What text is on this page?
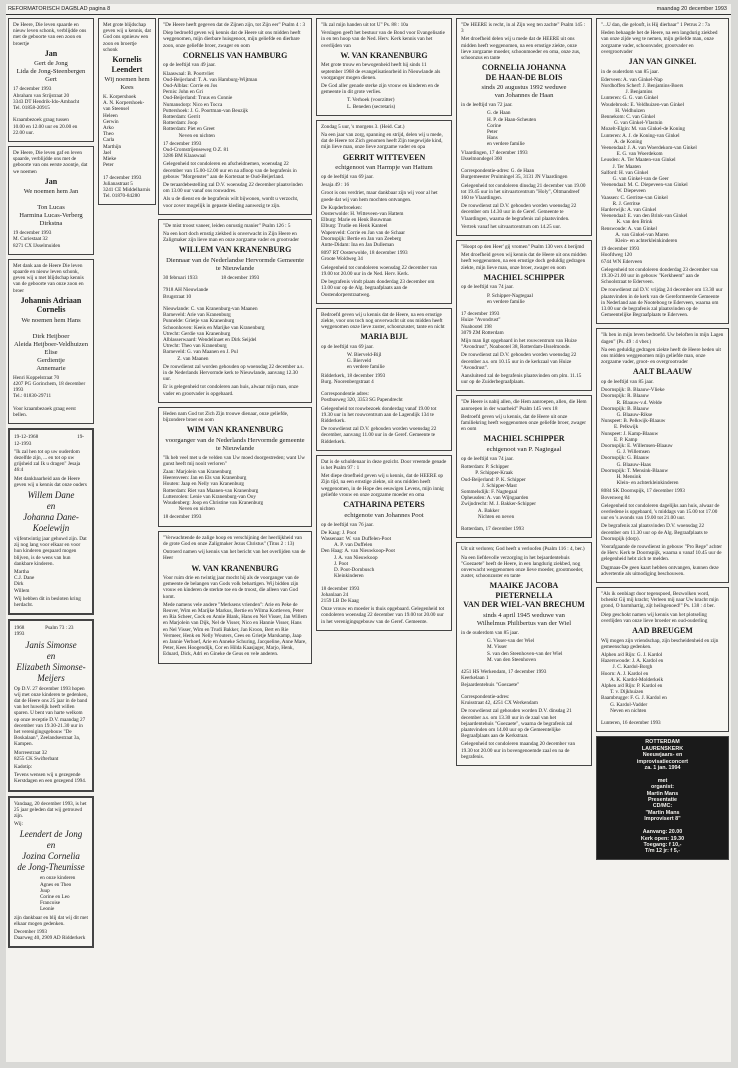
REFORMATORISCH DAGBLAD pagina 8	maandag 20 december 1993
De Heere, Die leven spaarde en nieuw leven schonk, verblijdde ons met de geboorte van een zoon en broertje
Jan
Gert de Jong
Lida de Jong-Steenbergen
Gert
17 december 1993
Abraham van Strijstraat 20
3343 DT Hendrik-Ido-Ambacht
Tel. 01858-20915

Kraambezoek graag tussen
10.00 en 12.00 uur en 20.00 en
22.00 uur.
De Heere, Die leven gaf en leven spaarde, verblijdde ons met de geboorte van ons eerste zoontje, dat we noemen
Jan
We noemen hem Jan

Ton Lucas
Harmina Lucas-Verberg
Dirkstna
19 december 1993
M. Curiestaat 32
8271 CX IJsselmuiden
Met dank aan de Heere Die leven spaarde en nieuw leven schonk, geven wij u met blijdschap kennis van de geboorte van onze zoon en broer
Johannis Adriaan Cornelis
We noemen hem Hans

Dirk Heijboer
Aleida Heijboer-Veldhuizen
Elise
Gerdientje
Annemarie
Henri Koppelstraat 70
4207 PG Gorinchem, 18 december 1993
Tel.: 01830-29711

Voor kraambezoek graag eerst bellen.
19-12-1968                              19-12-1993
"Ik zal hen tot op uw ouderdom dezelfde zijn, ... en tot op uw grijsheid zal Ik u dragen" Jesaja 46:4
Met dankbaarheid aan de Heere geven wij u kennis dat onze ouders
Willem Dane
en
Johanna Dane-Koelewijn
vijfentwintig jaar gehuwd zijn. Dat zij nog lang voor elkaar en voor hun kinderen gespaard mogen blijven, is de wens van hun dankbare kinderen.
Martha
C.J. Dane
Dirk
Willem
Wij hebben dit in besloten kring herdacht.
1968                Psalm 73 : 23              1993
Janis Simonse
en
Elizabeth Simonse-Meijers
Op D.V. 27 december 1993 hopen wij met onze kinderen te gedenken, dat de Heere ons 25 jaar in de band van het huwelijk heeft willen sparen. U bent van harte welkom op onze receptie D.V. maandag 27 december van 19.30-21.30 uur in het verenigingsgebouw "De Boskalaan", Zeelandsestraat 3a, Kampen.
Morreestraat 32
8255 CK Swifterbant
Kadotip:
Tevens wensen wij u gezegende Kerstdagen en een gezegend 1994.
Vandaag, 20 december 1993, is het 25 jaar geleden dat wij getrouwd zijn.
Wij:
Leendert de Jong
en
Jozina Cornelia
de Jong-Theunisse
en onze kinderen
Agnes en Theo
Juup
Corine en Leo
Francoise
Leonie
zijn dankbaar en blij dat wij dit met elkaar mogen gedenken.
December 1993
Daarweg 40, 2909 AD Ridderkerk
Met grote blijdschap geven wij u kennis, dat God ons opnieuw een zoon en broertje schonk
Kornelis Leendert
Wij noemen hem Kees
K. Korpershoek
A. N. Korpershoek-van Steensel
Heleen
Gerwin
Arko
Theo
Carla
Marthijn
Jael
Mieke
Peter

17 december 1993
Julianastraat 5
3241 CE Middelharnis
Tel. 01870-84280
"De Heere heeft gegeven dat de Zijnen zijn, tot Zijn eer" Psalm 4 : 3
Diep bedroefd geven wij kennis dat de Heere uit ons midden heeft weggenomen, mijn dierbare huisgenoot, mijn geliefde en dierbare zoon, onze geliefde broer, zwager en oom
CORNELIS VAN HAMBURG
op de leeftijd van 49 jaar.
Klaaswaal: B. Poortvliet
Oud-Beijerland: T. A. van Hamburg-Wijtman
Oud-Alblas: Corrie en Jos
Pernis: John en Gri
Oud-Beijerland: Truus en Connie
Numansdorp: Nico en Tocca
Puttershoek: J. G. Poortman-van Beuzijk
Rotterdam: Gerrit
Rotterdam: Joop
Rotterdam: Piet en Greet
Neven en nichten
17 december 1993
Oud-Cromstrijenseweg O.Z. 81
3286 BM Klaaswaal
Gelegenheid tot condoleren en afscheidnemen, woensdag 22 december van 15.00-12.00 uur en na afloop van de begrafenis in gebouw "Morgenster" aan de Korteraat te Oud-Beijerland.
De teraardebestelling zal D.V. woensdag 22 december plaatsvinden om 13.00 uur vanaf ons rouwadres.
Als u de dienst en de begrafenis wilt bijwonen, wordt u verzocht, voor zover mogelijk in gepaste kleding aanwezig te zijn.
"De mist troost vaneer, leiden onrustig manier" Psalm 126 : 5
Na een kort doch ernstig ziekbed is onverwacht in Zijn Heere en Zaligmaker zijn lieve man en onze zorgzame vader en grootvader
WILLEM VAN KRANENBURG
Diennaar van de Nederlandse Hervormde Gemeente te Nieuwlande
30 februari 1933                  18 december 1993

7918 AH Nieuwlande
Brugstraat 10

Nieuwlande: C. van Kranenburg-van Maanen
Barneveld: Arie van Kranenburg
Punnelde: Grietje van Kranenburg
Schoonhoven: Keeis en Marijke van Kranenburg
Utrecht: Gerdie van Kranenburg
Alblasserwaard: Wendelinaet en Dirk Seijdel
Utrecht: Theo van Kranenburg
Barneveld: G. van Maanen en J. Pul
Z. van Maanen
De rouwdienst zal worden gehouden op woensdag 22 december a.s. in de Nederlands Hervormde kerk te Nieuwlande, aanvang 12.30 uur.
Er is gelegenheid tot condoleren aan huis, alwaar mijn man, onze vader en grootvader is opgebaard.
Heden nam God tot Zich Zijn trouwe dienaar, onze geliefde, bijzondere broer en oom
WIM VAN KRANENBURG
voorganger van de Nederlands Hervormde gemeente te Nieuwlande
"Ik heb veel met u de velden van Uw moed doorgestreden; want Uw gunst heeft mij nooit verloren"
Zaan: Marjolein van Kranenburg
Heerenveen: Jan en Els van Kranenburg
Houten: Jaap en Nelly van Kranenburg
Rotterdam: Riet van Maanen-van Kranenburg
Luttenrolen: Lenie van Kranenburg-van Ooy
Woudenberg: Joop en Christine van Kranenburg
Neven en nichten
18 december 1993
"Verwachtende de zalige hoop en verschijning der heerlijkheid van de grote God en onze Zaligmaker Jezus Christus" (Titus 2 : 13)
Ontroerd namen wij kennis van het bericht van het overlijden van de Heer
W. VAN KRANENBURG
Voor ruim drie en twintig jaar mocht hij als de voorganger van de gemeente de belangen van Gods volk behartigen. Wij bidden zijn vrouw en kinderen de sterkte toe en de troost, die alleen van God komt.
Mede namens vele andere "Merksens vrienden": Arie en Peke de Reuver, Wim en Marijke Markus, Bertie en Wilma Kortleven, Peter en Ria Scheer, Cock en Annie Blank, Hans en Nel Visser, Jan Willem en Marjolein van Dijk, Nel de Visser, Nico en Hannie Visser, Hans en Nel Visser, Wim en Trudi Bakker, Jan Kroon, Bert en Rie Vermeer, Henk en Nelly Wouters, Cees en Grietje Marskamp, Jaap en Jannie Verhoef, Arie en Anneke Schuring, Jacqueline, Anne Mare, Peter, Kees Hoogendijk, Cor en Hilda Kaasjager, Marjo, Henk, Eduard, Dick, Adri en Gineke de Geus en vele anderen.
"Ik zal mijn handen uit tot U" Ps. 88 : 10a
Verslagen geeft het bestuur van de Bond voor Evangelisatie in en ten hoop van de Ned. Herv. Kerk kennis van het overlijden van
W. VAN KRANENBURG
Met grote trouw en bewogenheid heeft hij sinds 11 september 1968 de evangelisatiearbeid in Nieuwlande als voorganger mogen dienen.
De God aller genade sterke zijn vrouw en kinderen en de gemeente in dit grote verlies.
T. Verhoek (voorzitter)
L. Beneden (secretaris)
Zondag 5 uur, 's morgens 3. (Heid. Cat.)
Na een jaar van zorg, spanning en strijd, delen wij u mede, dat de Heere tot Zich genomen heeft Zijn toegewijde kind, mijn lieve man, onze lieve zorgzame vader en opa
GERRIT WITTEVEEN
echtgenoot van Harmpje van Hattum
op de leeftijd van 69 jaar.
Jesaja 49 : 16
Groot is ons verdriet, maar dankbaar zijn wij voor al het goede dat wij van hem mochten ontvangen.
De Kupderbroeken:
Oosterwolde: H. Witteveen-van Hattem
Elburg: Marie en Henk Bouwman
Elburg: Trudie en Henk Kanteel
Wapenveld: Corrie en Jan van de Schaar
Doornspijk: Bertie en Jan van Zeeberg
Antte-Didam: Ina en Jan Dulleman
8097 RT Oosterwolde, 18 december 1993
Groote Woldweg 34
Gelegenheid tot condoleren woensdag 22 december van 19.00 tot 20.00 uur in de Ned. Herv. Kerk.
De begrafenis vindt plaats donderdag 23 december om 13.00 uur op de Alg. begraafplaats aan de Oostendorperstraatweg.
Bedroefd geven wij u kennis dat de Heere, na een ernstige ziekte, voor ons toch nog onverwacht uit ons midden heeft weggenomen onze lieve zuster, schoonzuster, tante en nicht
MARIA BIJL
op de leeftijd van 69 jaar.
W. Bierveld-Bijl
G. Bierveld
en verdere familie
Ridderkerk, 18 december 1993
Burg. Noorenbergstraat 4

Correspondentie adres:
Postbusweg 320, 3353 SG Papendrecht
Gelegenheid tot rouwbezoek donderdag vanaf 19.00 tot 19.30 uur in het rouwcentrum aan de Lagendijk 134 te Ridderkerk.
De rouwdienst zal D.V. gehouden worden woensdag 22 december, aanvang 11.00 uur in de Geref. Gemeente te Ridderkerk.
Dat is de schuldenaar in deze gezicht. Door vreemde genade is het Psalm 97 : 1
Met diepe droefheid geven wij u kennis, dat de HEERE op Zijn tijd, na een ernstige ziekte, uit ons midden heeft weggenomen, in de Hope des eeuwigen Levens, mijn innig geliefde vrouw en onze zorgzame moeder en oma
CATHARINA PETERS
echtgenote van Johannes Poot
op de leeftijd van 76 jaar.
De Kaag: J. Poot
Wassenaar: W. van Duffelen-Poot
A. P. van Duffelen
Den Haag: A. van Nieuwkoop-Poot
J. A. van Nieuwkoop
J. Poot
D. Poot-Dornbusch
Kleinkinderen

18 december 1993
Johanlaan 24
2159 LB De Kaag
Onze vrouw en moeder is thuis opgebaard. Gelegenheid tot condoleren woensdag 22 december van 19.00 tot 20.00 uur in het verenigingsgebouw van de Geref. Gemeente.
"De HEERE is recht, in al Zijn weg ten zachte" Psalm 145 : 3
Met droefheid delen wij u mede dat de HEERE uit ons midden heeft weggenomen, na een ernstige ziekte, onze lieve zorgzame moeder, schoonmoeder en oma, onze zus, schoonzus en tante
CORNELIA JOHANNA
DE HAAN-DE BLOIS
sinds 20 augustus 1992 weduwe
van Johannes de Haan
in de leeftijd van 72 jaar.
G. de Haan
H. P. de Haan-Scheuten
Corine
Peter
Hans
en verdere familie
Vlaardingen, 17 december 1993
IJsselmondegel 360

Correspondentie-adres: G. de Haan
Burgemeester Pruimingel 35, 3131 JN Vlaardingen
Gelegenheid tot condoleren dinsdag 21 december van 19.00 tot 19.45 uur in het uitvaartcentrum "Holy", Oltmandreef 160 te Vlaardingen.
De rouwdienst zal D.V. gehouden worden woensdag 22 december om 14.30 uur in de Geref. Gemeente te Vlaardingen, waarna de begrafenis zal plaatsvinden.
Vertrek vanaf het uitvaartcentrum om 14.25 uur.
"Hoopt op den Heer' gij vromen" Psalm 130 vers 4 berijmd
Met droefheid geven wij kennis dat de Heere uit ons midden heeft weggenomen, na een ernstige doch geduldig gedragen ziekte, mijn lieve man, onze broer, zwager en oom
MACHIEL SCHIPPER
op de leeftijd van 74 jaar.
P. Schipper-Nagtegaal
en verdere familie

17 december 1993
Huize "Avondrust"
Noabootel 198
3079 ZM Rotterdam
Mijn man ligt opgebaard in het rouwcentrum van Huize "Avondrust", Noabootel 38, Rotterdam-IJsselmonde.
De rouwdienst zal D.V. gehouden worden woensdag 22 december a.s. om 10.15 uur in de kerkzaal van Huize "Avondrust".
Aansluitend zal de begrafenis plaatsvinden om plm. 11.15 uur op de Zuiderbegraafplaats.
"De Heere is nabij allen, die Hem aanroepen, allen, die Hem aanroepen in der waarheid" Psalm 145 vers 18
Bedroefd geven wij u kennis, dat de Heere uit onze familiekring heeft weggenomen onze geliefde broer, zwager en oom
MACHIEL SCHIPPER
echtgenoot van P. Nagtegaal
op de leeftijd van 74 jaar.
Rotterdam: P. Schipper
P. Schipper-Kraak
Oud-Beijerland: P. K. Schipper
J. Schipper-Mast
Sommelsdijk: F. Nagtegaal
Opheusden: A. van Wijngaarden
Zwijndrecht: M. J. Bakker-Schipper
A. Bakker
Nichten en neven

Rotterdam, 17 december 1993
Uit uit verloren; God heeft u verloofen (Psalm 116 : 4, ber.)
Na een liefdevolle verzorging in het bejaardentehuis "Goezaete" heeft de Heere, in een langdurig ziekbed, nog onverwacht weggenomen onze lieve moeder, grootmoeder, zuster, schoonzuster en tante
MAAIKE JACOBA PIETERNELLA
VAN DER WIEL-VAN BRECHUM
sinds 4 april 1945 weduwe van
Wilhelmus Philibertus van der Wiel
in de ouderdom van 85 jaar.
G. Visser-van der Wiel
M. Visser
S. van den Steenhoven-van der Wiel
M. van den Steenhoven

4251 HS Werkendam, 17 december 1993
Keerkelaan 1
Bejaardentehuis "Goezaete"

Correspondentie-adres:
Kruisstraat 42, 4251 CX Werkendam
De rouwdienst zal gehouden worden D.V. dinsdag 21 december a.s. om 13.30 uur in de zaal van het bejaardentehuis "Goezaete", waarna de begrafenis zal plaatsvinden om 14.00 uur op de Gemeentelijke Begraafplaats aan de Kerkstraat.
Gelegenheid tot condoleren maandag 20 december van 19.30 tot 20.00 uur in bovengenoemde zaal en na de begrafenis.
"...U dan, die gelooft, is Hij dierbaar" 1 Petrus 2 : 7a
Heden behaagde het de Heere, na een langdurig ziekbed van onze zijde weg te nemen, mijn geliefde man, onze zorgzame vader, schoonvader, grootvader en overgrootvader
JAN VAN GINKEL
in de ouderdom van 85 jaar.
Ederveen: A. van Ginkel-Nap
Nordhoffen Scherf: J. Benjamins-Boers
J. Benjamins
Lunteren: G. G. van Ginkel
Woudebrook: E. Veldhuizen-van Ginkel
H. Veldhuizen
Bennekom: C. van Ginkel
G. van Ginkel-Vlastuin
Mozelt-Elgin: M. van Ginkel-de Koning
Lunteren: A. J. de Koning-van Ginkel
A. de Koning
Veenendaal: J. A. van Woerdekom-van Ginkel
E. G. van Woerdekom
Leusden: A. Ter Maaten-van Ginkel
J. Ter Maaten
Salford: H. van Ginkel
G. van Ginkel-van de Geer
Veenendaal: M. C. Diepeveen-van Ginkel
W. Diepeveen
Vaassen: C. Gerritse-van Ginkel
R. J. Gerritse
Harderwijk: A. van Ginkel
Veenendaal: E. van den Brink-van Ginkel
K. van den Brink
Renswoude: A. van Ginkel
A. van Ginkel-van Maren
Klein- en achterkleinkinderen
19 december 1993
Hoofdweg 120
6744 WN Ederveen
Gelegenheid tot condoleren donderdag 23 december van 19.30-21.00 uur in gebouw "Kerkheem" aan de Schoolstraat te Ederveen.
De rouwdienst zal D.V. vrijdag 24 december om 13.30 uur plaatsvinden in de kerk van de Gereformeerde Gemeente in Nederland aan de Nooteboog te Ederveen, waarna om 13.00 uur de begrafenis zal plaatsvinden op de Gemeentelijke Begraafplaats te Ederveen.
"Ik ben in mijn leven bedroefd. Uw beloften in mijn Lagen dagen" (Ps. 49 : 4 vber.)
Na een geduldig gedragen ziekte heeft de Heere heden uit ons midden weggenomen mijn geliefde man, onze zorgzame vader, groot- en overgrootvader
AALT BLAAUW
op de leeftijd van 85 jaar.
Doornspijk: B. Blaauw-Vlieke
Doornspijk: R. Blaauw
R. Blaauw-v.d. Welde
Doornspijk: B. Blaauw
G. Blaauw-Rikse
Nunspeet: B. Pelkwijk-Blaauw
E. Pelkwijk
Nunspeet: J. Kamp-Blaauw
E. P. Kamp
Doornspijk: E. Willemsen-Blaauw
G. J. Willemsen
Doornspijk: G. Blaauw
G. Blaauw-Haas
Doornspijk: T. Mensink-Blaauw
H. Mensink
Klein- en achterkleinkinderen
8084 SK Doornspijk, 17 december 1993
Bovenweg 84
Gelegenheid tot condoleren dagelijks aan huis, alwaar de overledene is opgebaard, 's middags van 15.00 tot 17.00 uur en 's avonds van 19.00 tot 21.00 uur.
De begrafenis zal plaatsvinden D.V. woensdag 22 december om 11.30 uur op de Alg. Begraafplaats te Doornspijk (dorp).
Voorafgaande de rouwdienst in gebouw "Pro Rege" achter de Herv. Kerk te Doornspijk, waarna u vanaf 10.45 uur de gelegenheid hebt zich te melden.
Dagmaas-De geen kaart hebben ontvangen, kunnen deze advertentie als uitnodiging beschouwen.
"Als ik oenbiagt door tegenspoed, Bezwolken word, bchenkt Gij mij kracht; Verleen mij naar Uw kracht mijn grond, O barmhartig, zijt heilsgenoed!" Ps. 138 : 4 ber.
Diep geschokt namen wij kennis van het plotseling overlijden van onze lieve broeder en oud-ouderling
AAD BREUGEM
Wij mogen zijn vriendschap, zijn bescheidenheid en zijn gemeenschap gedenken.
Alphen a/d Rijn: G. J. Kardol
Hazerswoude: J. A. Kardol en
J. C. Kardol-Borgh
Hoorn: A. J. Kardol en
A. K. Kardol-Molderkeik
Alphen a/d Rijn: P. Kardol en
T. v. Dijkhuizen
Baambrugge: F. G. J. Kardol en
G. Kardol-Vadder
Neven en nichten

Lunteren, 16 december 1993
ROTTERDAM
LAURENSKERK
Neeuwjaars- en
improvisatieconcert
za. 1 jan. 1994

met
organist:
Martin Mans
Presentatie
CD/MC:
"Martin Mans
Improvisert 8"

Aanvang: 20.00
Kerk open: 19.30
Toegang: f 10,-
T/m 12 jr: f 5,-
